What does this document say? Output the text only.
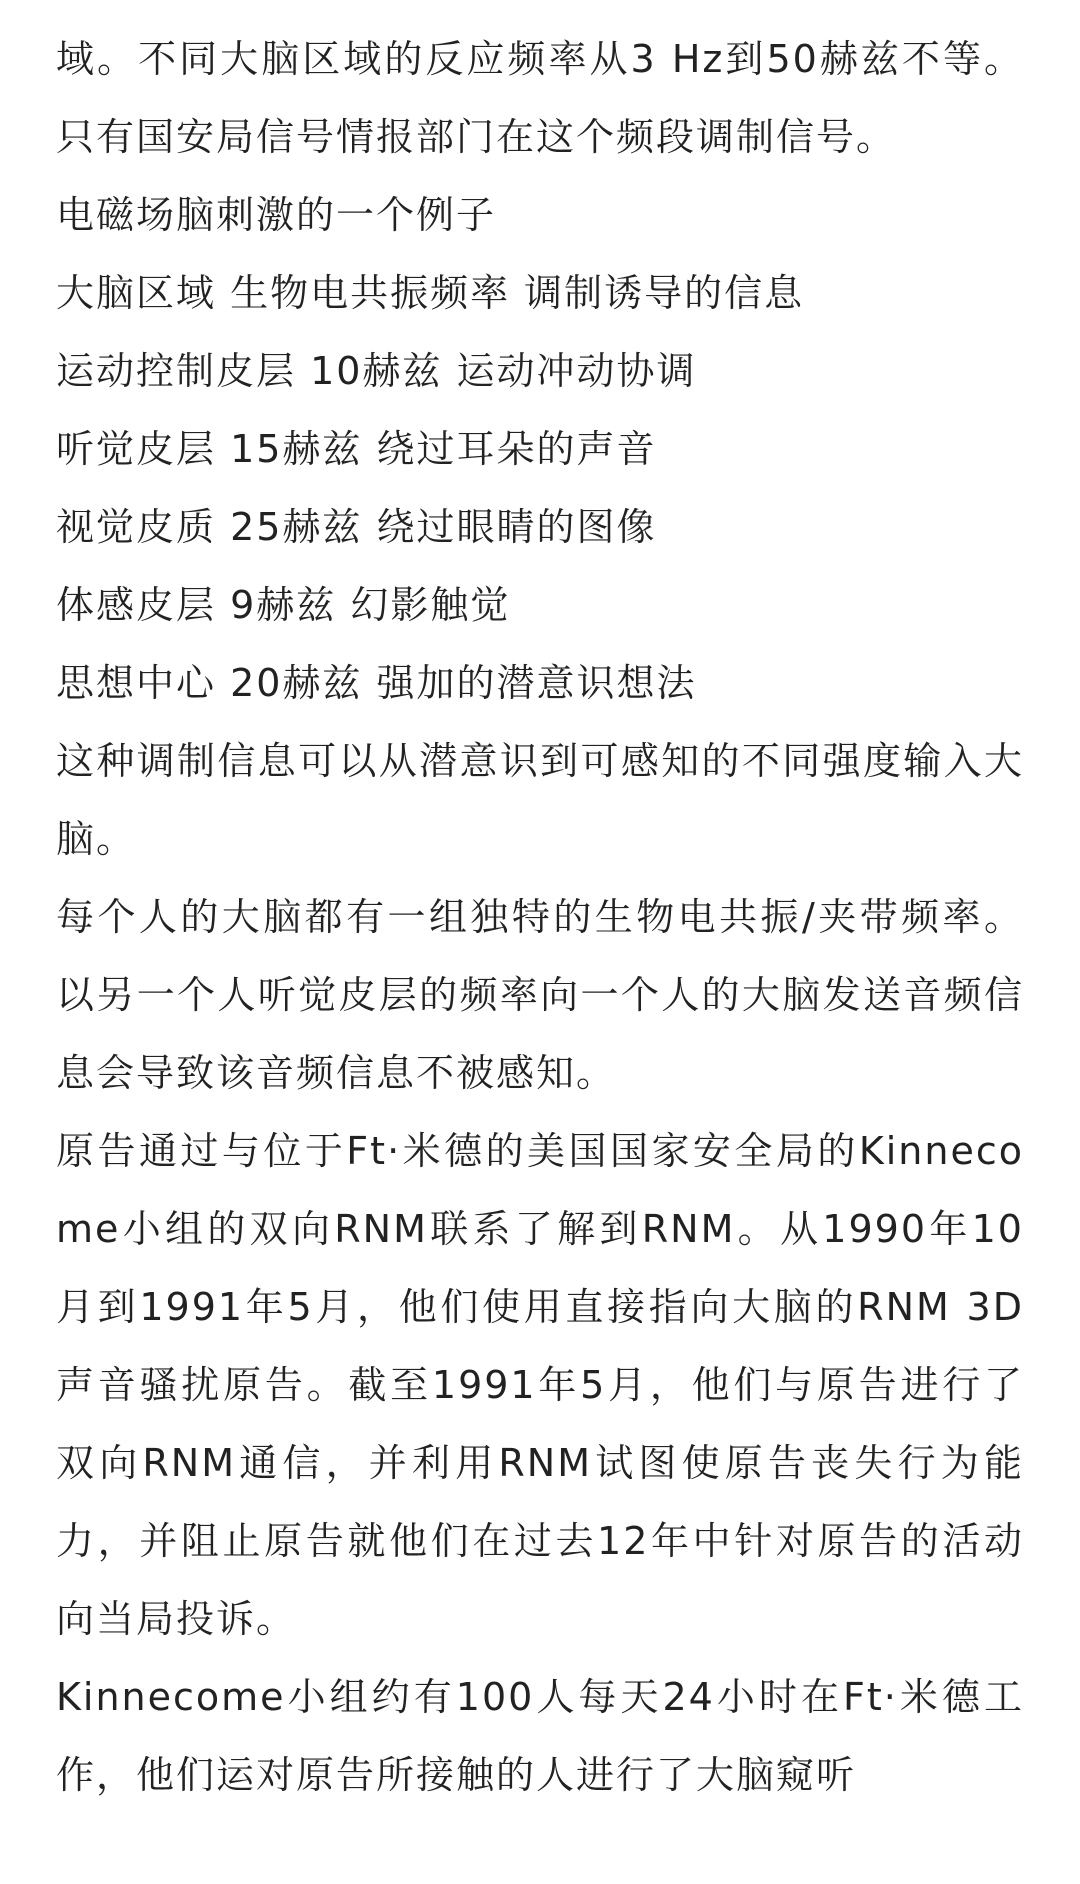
域。不同大脑区域的反应频率从3 Hz到50赫兹不等。只有国安局信号情报部门在这个频段调制信号。

电磁场脑刺激的一个例子

大脑区域 生物电共振频率 调制诱导的信息

运动控制皮层 10赫兹 运动冲动协调

听觉皮层 15赫兹 绕过耳朵的声音

视觉皮质 25赫兹 绕过眼睛的图像

体感皮层 9赫兹 幻影触觉

思想中心 20赫兹 强加的潜意识想法

这种调制信息可以从潜意识到可感知的不同强度输入大脑。

每个人的大脑都有一组独特的生物电共振/夹带频率。以另一个人听觉皮层的频率向一个人的大脑发送音频信息会导致该音频信息不被感知。

原告通过与位于Ft·米德的美国国家安全局的Kinnecome小组的双向RNM联系了解到RNM。从1990年10月到1991年5月，他们使用直接指向大脑的RNM 3D声音骚扰原告。截至1991年5月，他们与原告进行了双向RNM通信，并利用RNM试图使原告丧失行为能力，并阻止原告就他们在过去12年中针对原告的活动向当局投诉。

Kinnecome小组约有100人每天24小时在Ft·米德工作，他们运对原告所接触的人进行了大脑窥听
